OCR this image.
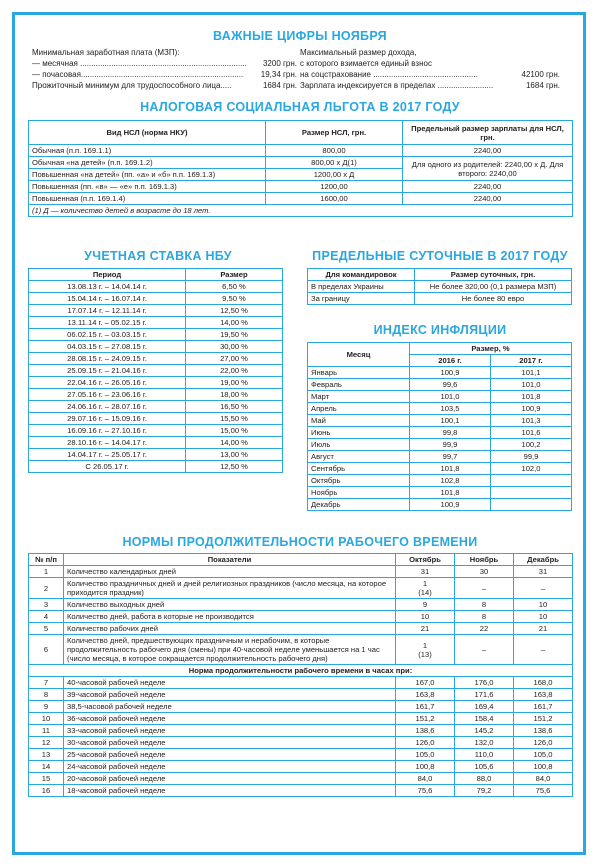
ВАЖНЫЕ ЦИФРЫ НОЯБРЯ
Минимальная заработная плата (МЗП):
— месячная ........................................................................... 3200 грн.
— почасовая......................................................................... 19,34 грн.
Прожиточный минимум для трудоспособного лица.....	1684 грн.
Максимальный размер дохода,
с которого взимается единый взнос
на соцстрахование ...............................................	42100 грн.
Зарплата индексируется в пределах .........................	1684 грн.
НАЛОГОВАЯ СОЦИАЛЬНАЯ ЛЬГОТА В 2017 ГОДУ
Вид НСЛ (норма НКУ)	Размер НСЛ, грн.	Предельный размер зарплаты для НСЛ, грн.
Обычная (п.п. 169.1.1)	800,00	2240,00
Обычная «на детей» (п.п. 169.1.2)	800,00 х Д(1)	Для одного из родителей: 2240,00 х Д. Для второго: 2240,00
Повышенная «на детей» (пп. «а» и «б» п.п. 169.1.3)	1200,00 х Д	
Повышенная (пп. «в» — «е» п.п. 169.1.3)	1200,00	2240,00
Повышенная (п.п. 169.1.4)	1600,00	2240,00
(1) Д — количество детей в возрасте до 18 лет.		
УЧЕТНАЯ СТАВКА НБУ
Период	Размер
13.08.13 г. – 14.04.14 г.	6,50 %
15.04.14 г. – 16.07.14 г.	9,50 %
17.07.14 г. – 12.11.14 г.	12,50 %
13.11.14 г. – 05.02.15 г.	14,00 %
06.02.15 г. – 03.03.15 г.	19,50 %
04.03.15 г. – 27.08.15 г.	30,00 %
28.08.15 г. – 24.09.15 г.	27,00 %
25.09.15 г. – 21.04.16 г.	22,00 %
22.04.16 г. – 26.05.16 г.	19,00 %
27.05.16 г. – 23.06.16 г.	18,00 %
24.06.16 г. – 28.07.16 г.	16,50 %
29.07.16 г. – 15.09.16 г.	15,50 %
16.09.16 г. – 27.10.16 г.	15,00 %
28.10.16 г. – 14.04.17 г.	14,00 %
14.04.17 г. – 25.05.17 г.	13,00 %
С 26.05.17 г.	12,50 %
ПРЕДЕЛЬНЫЕ СУТОЧНЫЕ В 2017 ГОДУ
Для командировок	Размер суточных, грн.
В пределах Украины	Не более 320,00 (0,1 размера МЗП)
За границу	Не более 80 евро
ИНДЕКС ИНФЛЯЦИИ
Месяц	Размер, %	
	2016 г.	2017 г.
Январь	100,9	101,1
Февраль	99,6	101,0
Март	101,0	101,8
Апрель	103,5	100,9
Май	100,1	101,3
Июнь	99,8	101,6
Июль	99,9	100,2
Август	99,7	99,9
Сентябрь	101,8	102,0
Октябрь	102,8	
Ноябрь	101,8	
Декабрь	100,9	
НОРМЫ ПРОДОЛЖИТЕЛЬНОСТИ РАБОЧЕГО ВРЕМЕНИ
№ п/п	Показатели	Октябрь	Ноябрь	Декабрь
1	Количество календарных дней	31	30	31
2	Количество праздничных дней и дней религиозных праздников (число месяца, на которое приходится праздник)	1
(14)	–	–
3	Количество выходных дней	9	8	10
4	Количество дней, работа в которые не производится	10	8	10
5	Количество рабочих дней	21	22	21
6	Количество дней, предшествующих праздничным и нерабочим, в которые продолжительность рабочего дня (смены) при 40-часовой неделе уменьшается на 1 час (число месяца, в которое сокращается продолжительность рабочего дня)	1
(13)	–	–
Норма продолжительности рабочего времени в часах при:				
7	40-часовой рабочей неделе	167,0	176,0	168,0
8	39-часовой рабочей неделе	163,8	171,6	163,8
9	38,5-часовой рабочей неделе	161,7	169,4	161,7
10	36-часовой рабочей неделе	151,2	158,4	151,2
11	33-часовой рабочей неделе	138,6	145,2	138,6
12	30-часовой рабочей неделе	126,0	132,0	126,0
13	25-часовой рабочей неделе	105,0	110,0	105,0
14	24-часовой рабочей неделе	100,8	105,6	100,8
15	20-часовой рабочей неделе	84,0	88,0	84,0
16	18-часовой рабочей неделе	75,6	79,2	75,6
